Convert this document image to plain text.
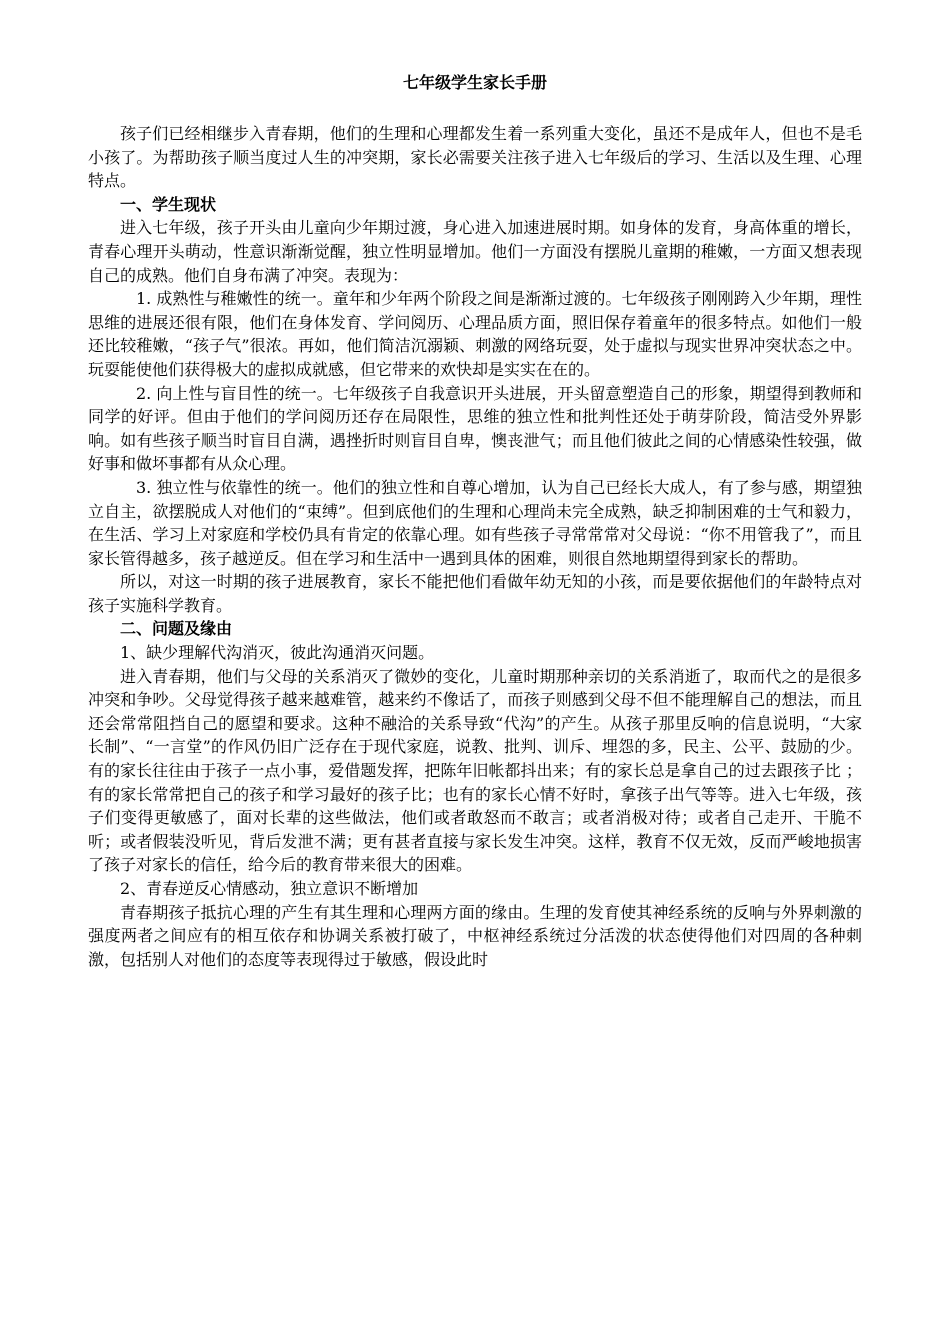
七年级学生家长手册

孩子们已经相继步入青春期，他们的生理和心理都发生着一系列重大变化，虽还不是成年人，但也不是毛小孩了。为帮助孩子顺当度过人生的冲突期，家长必需要关注孩子进入七年级后的学习、生活以及生理、心理特点。

一、学生现状

进入七年级，孩子开头由儿童向少年期过渡，身心进入加速进展时期。如身体的发育，身高体重的增长，青春心理开头萌动，性意识渐渐觉醒，独立性明显增加。他们一方面没有摆脱儿童期的稚嫩，一方面又想表现自己的成熟。他们自身布满了冲突。表现为：

1. 成熟性与稚嫩性的统一。童年和少年两个阶段之间是渐渐过渡的。七年级孩子刚刚跨入少年期，理性思维的进展还很有限，他们在身体发育、学问阅历、心理品质方面，照旧保存着童年的很多特点。如他们一般还比较稚嫩，“孩子气”很浓。再如，他们简洁沉溺颖、刺激的网络玩耍，处于虚拟与现实世界冲突状态之中。玩耍能使他们获得极大的虚拟成就感，但它带来的欢快却是实实在在的。

2. 向上性与盲目性的统一。七年级孩子自我意识开头进展，开头留意塑造自己的形象，期望得到教师和同学的好评。但由于他们的学问阅历还存在局限性，思维的独立性和批判性还处于萌芽阶段，简洁受外界影响。如有些孩子顺当时盲目自满，遇挫折时则盲目自卑，懊丧泄气；而且他们彼此之间的心情感染性较强，做好事和做坏事都有从众心理。

3. 独立性与依靠性的统一。他们的独立性和自尊心增加，认为自己已经长大成人，有了参与感，期望独立自主，欲摆脱成人对他们的“束缚”。但到底他们的生理和心理尚未完全成熟，缺乏抑制困难的士气和毅力，在生活、学习上对家庭和学校仍具有肯定的依靠心理。如有些孩子寻常常常对父母说：“你不用管我了”，而且家长管得越多，孩子越逆反。但在学习和生活中一遇到具体的困难，则很自然地期望得到家长的帮助。

所以，对这一时期的孩子进展教育，家长不能把他们看做年幼无知的小孩，而是要依据他们的年龄特点对孩子实施科学教育。

二、问题及缘由

1、缺少理解代沟消灭，彼此沟通消灭问题。

进入青春期，他们与父母的关系消灭了微妙的变化，儿童时期那种亲切的关系消逝了，取而代之的是很多冲突和争吵。父母觉得孩子越来越难管，越来约不像话了，而孩子则感到父母不但不能理解自己的想法，而且还会常常阻挡自己的愿望和要求。这种不融洽的关系导致“代沟”的产生。从孩子那里反响的信息说明，“大家长制”、“一言堂”的作风仍旧广泛存在于现代家庭，说教、批判、训斥、埋怨的多，民主、公平、鼓励的少。有的家长往往由于孩子一点小事，爱借题发挥，把陈年旧帐都抖出来；有的家长总是拿自己的过去跟孩子比 ；有的家长常常把自己的孩子和学习最好的孩子比；也有的家长心情不好时，拿孩子出气等等。进入七年级，孩子们变得更敏感了，面对长辈的这些做法，他们或者敢怒而不敢言；或者消极对待；或者自己走开、干脆不听；或者假装没听见，背后发泄不满；更有甚者直接与家长发生冲突。这样，教育不仅无效，反而严峻地损害了孩子对家长的信任，给今后的教育带来很大的困难。

2、青春逆反心情感动，独立意识不断增加

青春期孩子抵抗心理的产生有其生理和心理两方面的缘由。生理的发育使其神经系统的反响与外界刺激的强度两者之间应有的相互依存和协调关系被打破了，中枢神经系统过分活泼的状态使得他们对四周的各种刺激，包括别人对他们的态度等表现得过于敏感，假设此时
